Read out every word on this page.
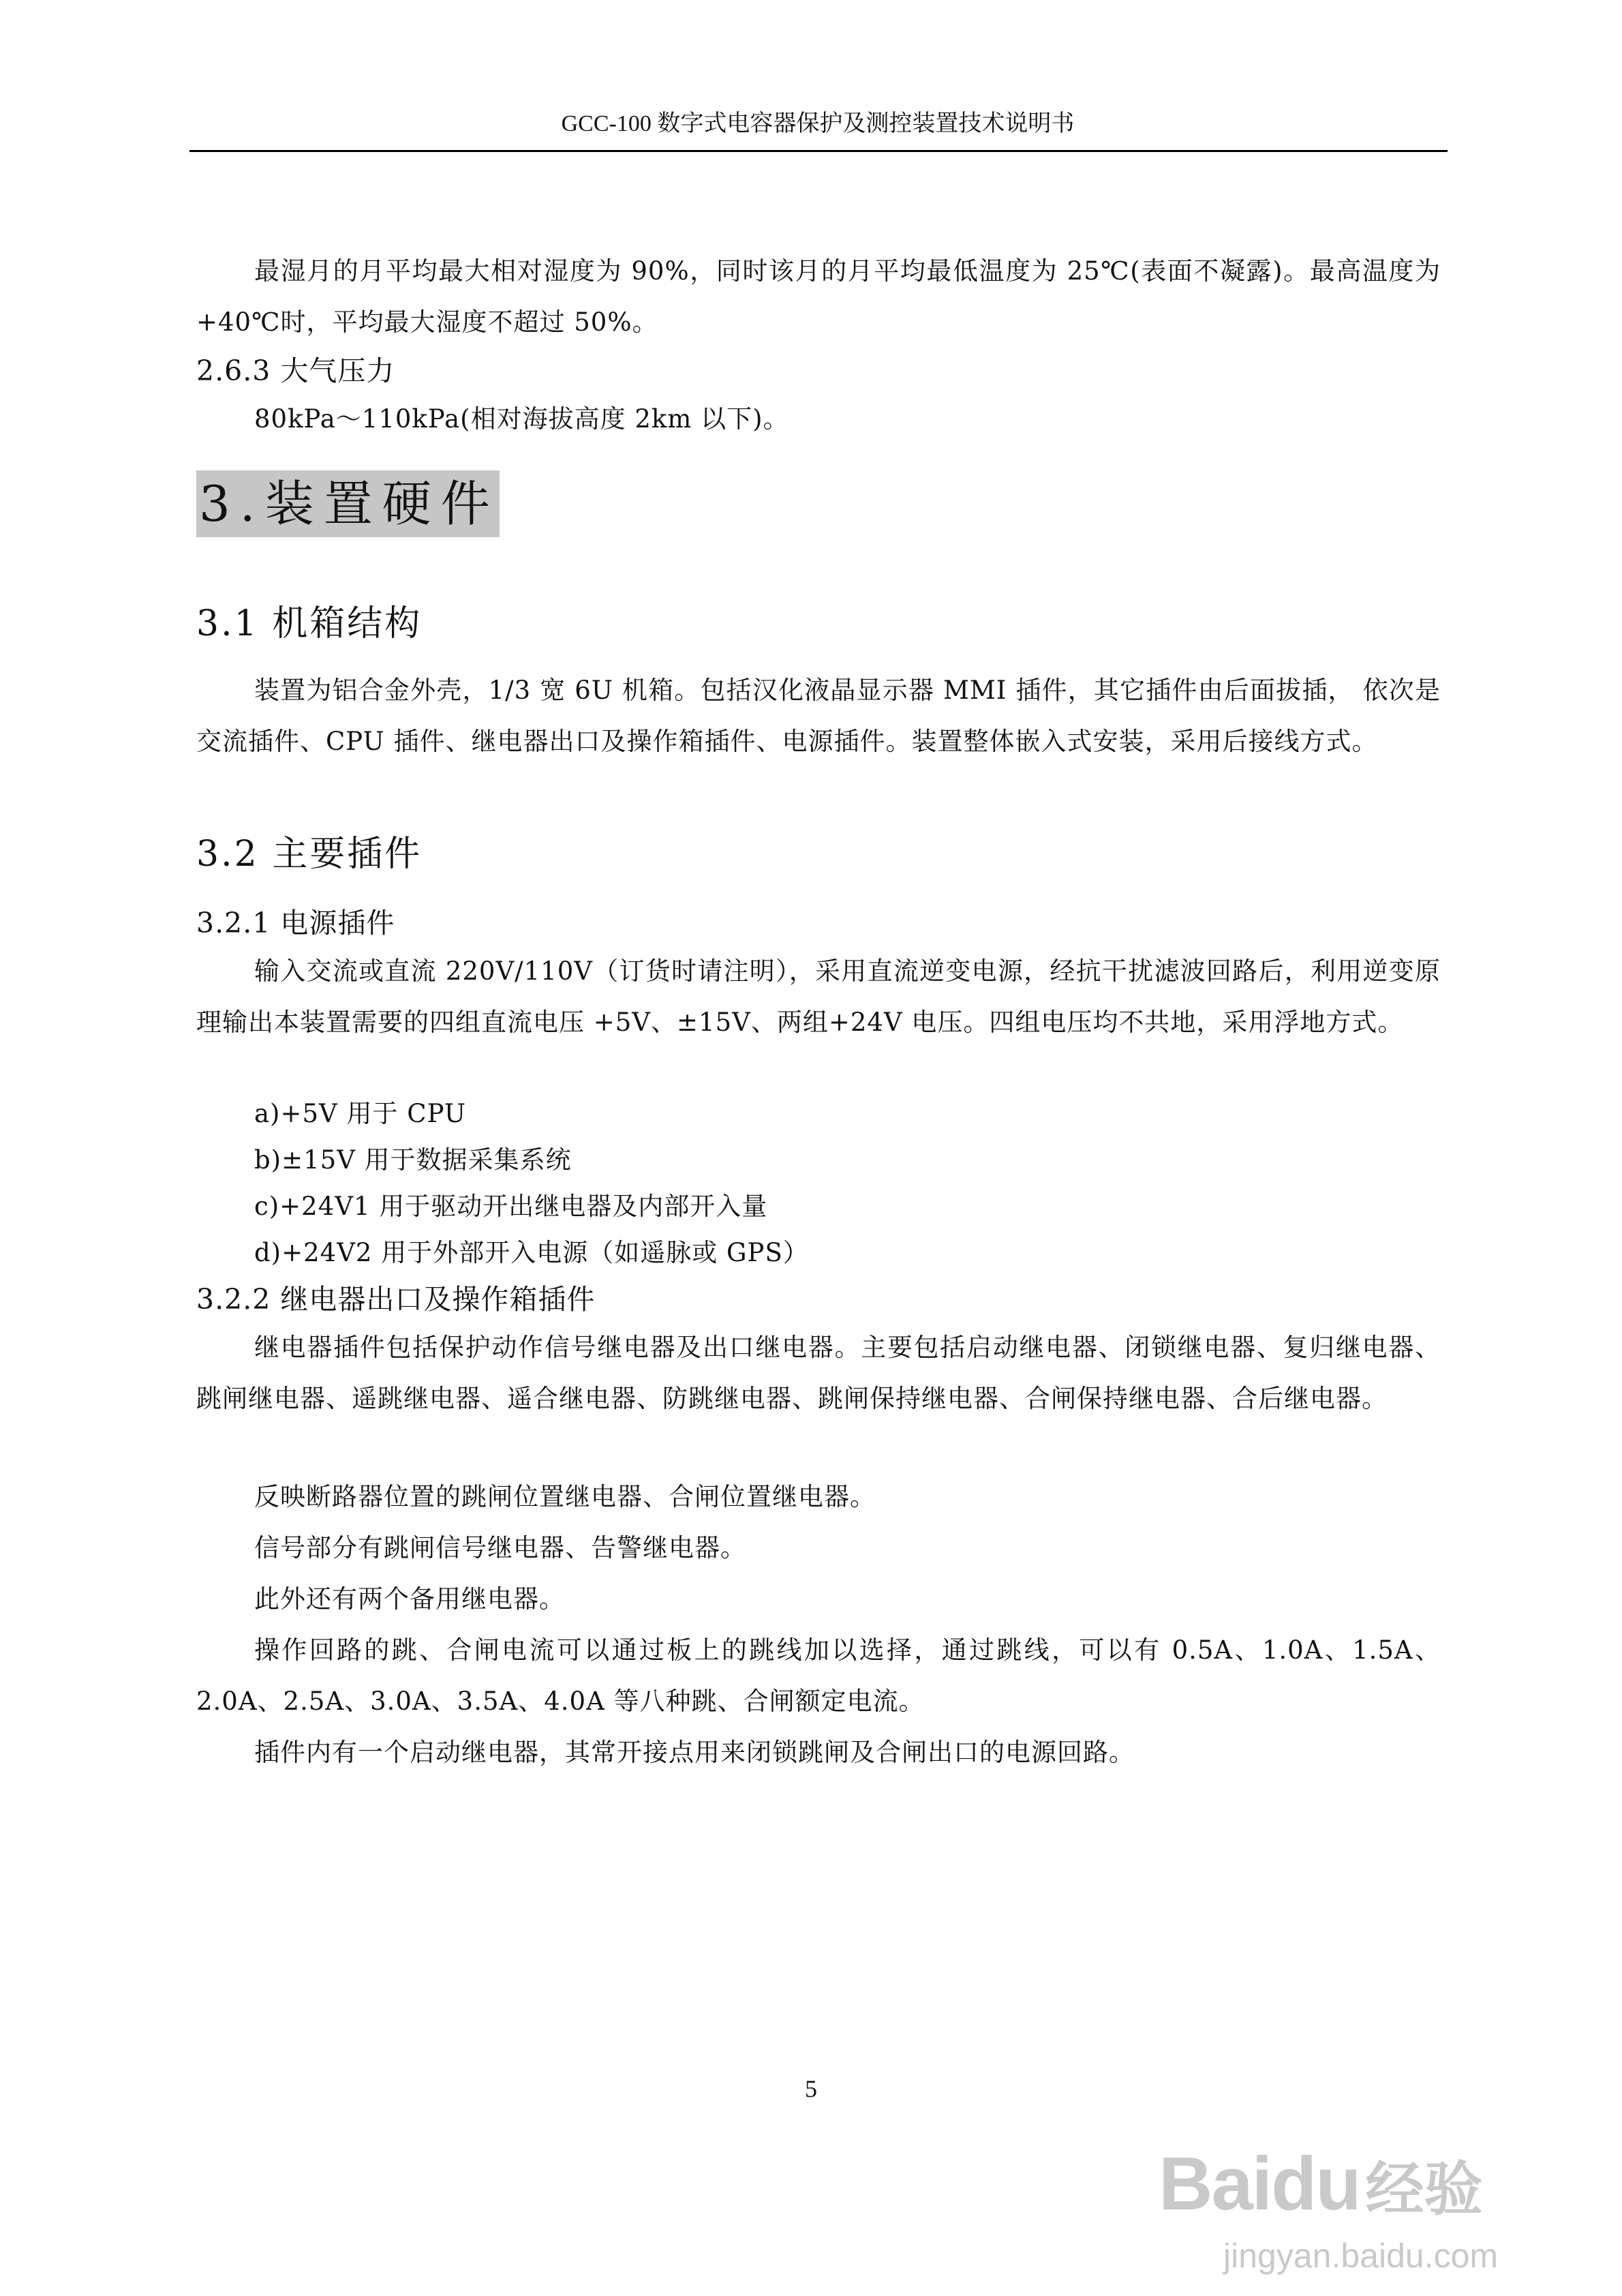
GCC-100 数字式电容器保护及测控装置技术说明书

最湿月的月平均最大相对湿度为 90%，同时该月的月平均最低温度为 25℃(表面不凝露)。最高温度为+40℃时，平均最大湿度不超过 50%。

2.6.3 大气压力

80kPa～110kPa(相对海拔高度 2km 以下)。

3.装置硬件
3.1 机箱结构

装置为铝合金外壳，1/3 宽 6U 机箱。包括汉化液晶显示器 MMI 插件，其它插件由后面拔插， 依次是交流插件、CPU 插件、继电器出口及操作箱插件、电源插件。装置整体嵌入式安装，采用后接线方式。

3.2 主要插件
3.2.1 电源插件

输入交流或直流 220V/110V（订货时请注明），采用直流逆变电源，经抗干扰滤波回路后，利用逆变原理输出本装置需要的四组直流电压 +5V、±15V、两组+24V 电压。四组电压均不共地，采用浮地方式。

a)+5V 用于 CPU

b)±15V 用于数据采集系统

c)+24V1 用于驱动开出继电器及内部开入量

d)+24V2 用于外部开入电源（如遥脉或 GPS）

3.2.2 继电器出口及操作箱插件

继电器插件包括保护动作信号继电器及出口继电器。主要包括启动继电器、闭锁继电器、复归继电器、跳闸继电器、遥跳继电器、遥合继电器、防跳继电器、跳闸保持继电器、合闸保持继电器、合后继电器。

反映断路器位置的跳闸位置继电器、合闸位置继电器。

信号部分有跳闸信号继电器、告警继电器。

此外还有两个备用继电器。

操作回路的跳、合闸电流可以通过板上的跳线加以选择，通过跳线，可以有 0.5A、1.0A、1.5A、2.0A、2.5A、3.0A、3.5A、4.0A 等八种跳、合闸额定电流。

插件内有一个启动继电器，其常开接点用来闭锁跳闸及合闸出口的电源回路。

5
Baidu经验
jingyan.baidu.com
